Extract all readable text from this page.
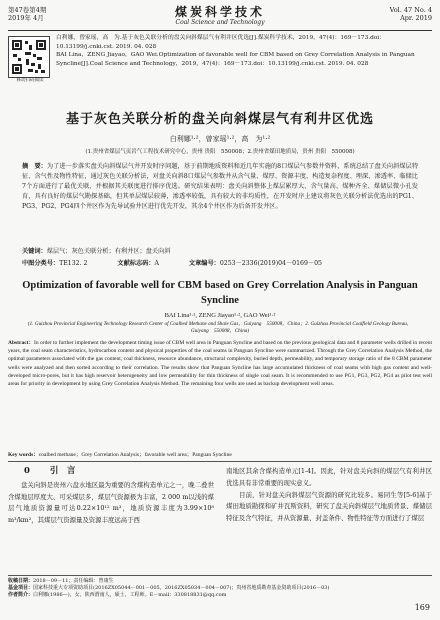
第47卷第4期
2019年 4月	煤炭科学技术
Coal Science and Technology
Vol. 47 No. 4
Apr. 2019
移动扫码阅读

白利娜，曾家瑶，高　为.基于灰色关联分析的盘关向斜煤层气有利井区优选[J].煤炭科学技术，2019，47(4)：169－173.doi：10.13199/j.cnki.cst. 2019. 04. 028

BAI Lina，ZENG Jiayao，GAO Wei.Optimization of favorable well for CBM based on Grey Correlation Analysis in Panguan Syncline[J].Coal Science and Technology，2019，47(4)：169－173.doi：10.13199/j.cnki.cst. 2019. 04. 028

基于灰色关联分析的盘关向斜煤层气有利井区优选
白利娜¹·²，曾家瑶¹·²，高　为¹·²
(1.贵州省煤层气页岩气工程技术研究中心，贵州 贵阳　550008；2.贵州省煤田地质局，贵州 贵阳　550008)
摘　要：为了进一步落实盘关向斜煤层气井开发时序问题，基于前期地质资料和近几年实施的8口煤层气参数井资料，系统总结了盘关向斜煤层特征、含气性及物性特征，通过灰色关联分析法，对盘关向斜8口煤层气参数井从含气量、煤厚、资源丰度、构造复杂程度、埋深、渗透率、临储比7个方面进行了最优关联，并根据其关联度进行排序优选。研究结果表明：盘关向斜整体上煤层累厚大、含气量高、煤种齐全、煤储层微小孔发育，具有良好的煤层气勘探基础，但其单层煤层较薄，渗透率较低，具有较大的非均质性，在开发时序上建议将灰色关联分析法优选出的PG1、PG3、PG2、PG4四个井区作为先导试验井区进行优先开发，其余4个井区作为后备开发井区。
关键词：煤层气；灰色关联分析；有利井区；盘关向斜
中图分类号：TE132. 2	文献标志码：A	文章编号：0253－2336(2019)04－0169－05
Optimization of favorable well for CBM based on Grey Correlation Analysis in Panguan Syncline
BAI Lina¹·², ZENG Jiayao¹·², GAO Wei¹·²
(1. Guizhou Provincial Engineering Technology Research Center of Coalbed Methane and Shale Gas，Guiyang　550008，China；2. Guizhou Provincial Coalfield Geology Bureau，Guiyang　550008，China)
Abstract：In order to further implement the development timing issue of CBM well area in Panguan Syncline and based on the previous geological data and 8 parameter wells drilled in recent years, the coal seam characteristics, hydrocarbon content and physical properties of the coal seams in Panguan Syncline were summarized. Through the Grey Correlation Analysis Method, the optimal parameters associated with the gas content, coal thickness, resource abundance, structural complexity, buried depth, permeability, and temporary storage ratio of the 8 CBM parameter wells were analyzed and then sorted according to their correlation. The results show that Panguan Syncline has large accumulated thickness of coal seams with high gas content and well-developed micro-pores, but it has high reservoir heterogeneity and low permeability for thin thickness of single coal seam. It is recommended to use PG1, PG3, PG2, PG4 as pilot test well areas for priority in development by using Grey Correlation Analysis Method. The remaining four wells are used as backup development well areas.
Key words：coalbed methane；Grey Correlation Analysis；favorable well area；Panguan Syncline
0 引　言
盘关向斜是贵州六盘水地区最为重要的含煤构造单元之一，晚二叠世含煤地层厚度大、可采煤层多，煤层气资源极为丰富，2 000 m以浅的煤层气地质资源量可达0.22×10¹² m³，地质资源丰度为3.99×10⁸ m³/km²，其煤层气资源量及资源丰度远高于西
南地区其余含煤构造单元[1-4]。因此，针对盘关向斜的煤层气有利井区优选具有非常重要的现实意义。
目前，针对盘关向斜煤层气资源的研究比较多。易同生等[5-6]基于煤田地质勘探和矿井瓦斯资料，研究了盘关向斜煤层气地质背景、煤储层特征及含气特征，并从资源量、封盖条件、物性特征等方面进行了煤层
收稿日期：2018－09－11；责任编辑：曾康生
基金项目：国家科技重大专项资助项目(2016ZX05044－001－005，2016ZX05034－004－007)；贵州省地质勘查基金资助项目(2016－03)
作者简介：白利娜(1986—)，女，陕西渭南人，硕士，工程师。E－mail：330818831@qq.com
169
